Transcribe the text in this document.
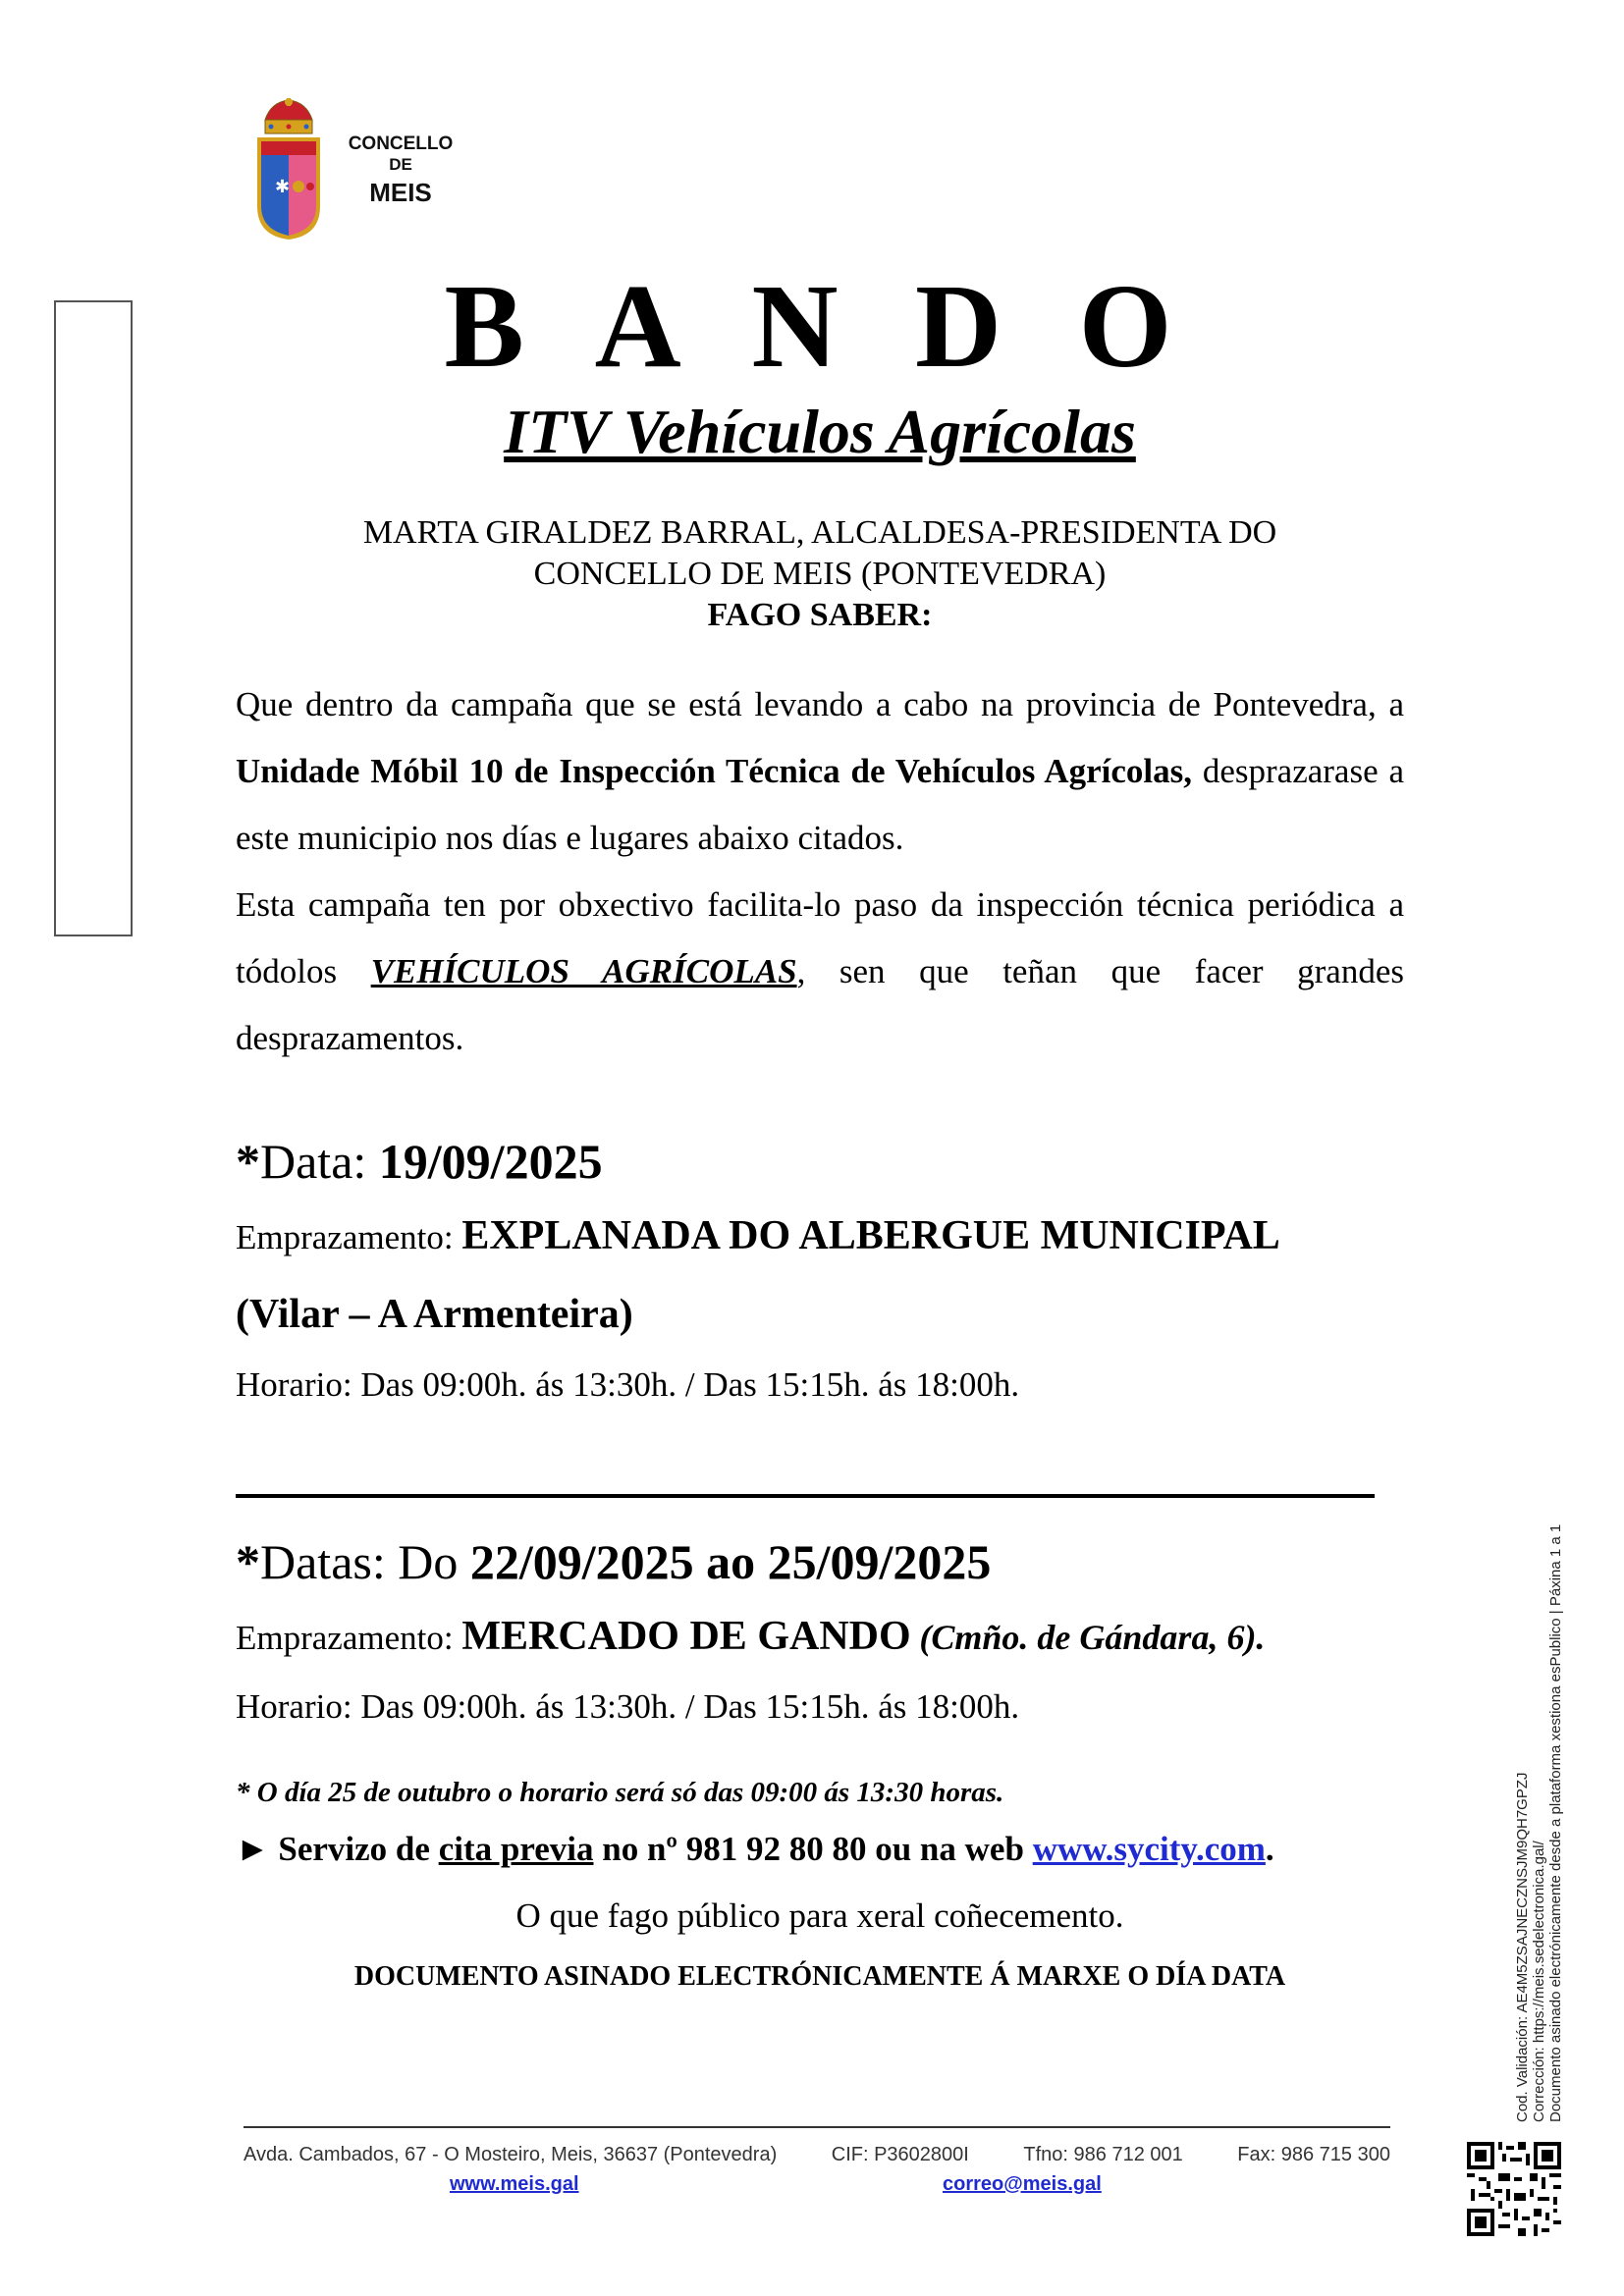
✱
CONCELLO
DE
MEIS
B A N D O
ITV Vehículos Agrícolas
MARTA GIRALDEZ BARRAL, ALCALDESA-PRESIDENTA DO
CONCELLO DE MEIS (PONTEVEDRA)
FAGO SABER:

Que dentro da campaña que se está levando a cabo na provincia de Pontevedra, a Unidade Móbil 10 de Inspección Técnica de Vehículos Agrícolas, desprazarase a este municipio nos días e lugares abaixo citados.

Esta campaña ten por obxectivo facilita-lo paso da inspección técnica periódica a tódolos VEHÍCULOS AGRÍCOLAS, sen que teñan que facer grandes desprazamentos.

*Data: 19/09/2025
Emprazamento: EXPLANADA DO ALBERGUE MUNICIPAL
(Vilar – A Armenteira)
Horario: Das 09:00h. ás 13:30h. / Das 15:15h. ás 18:00h.
*Datas: Do 22/09/2025 ao 25/09/2025
Emprazamento: MERCADO DE GANDO (Cmño. de Gándara, 6).
Horario: Das 09:00h. ás 13:30h. / Das 15:15h. ás 18:00h.
* O día 25 de outubro o horario será só das 09:00 ás 13:30 horas.
► Servizo de cita previa no nº 981 92 80 80 ou na web www.sycity.com.
O que fago público para xeral coñecemento.
DOCUMENTO ASINADO ELECTRÓNICAMENTE Á MARXE O DÍA DATA
Avda. Cambados, 67 - O Mosteiro, Meis, 36637 (Pontevedra)	CIF: P3602800I	Tfno: 986 712 001	Fax: 986 715 300
www.meis.gal	correo@meis.gal
Cod. Validación: AE4M5ZSAJNECZNSJM9QH7GPZJ Corrección: https://meis.sedelectronica.gal/ Documento asinado electrónicamente desde a plataforma xestiona esPublico | Páxina 1 a 1
